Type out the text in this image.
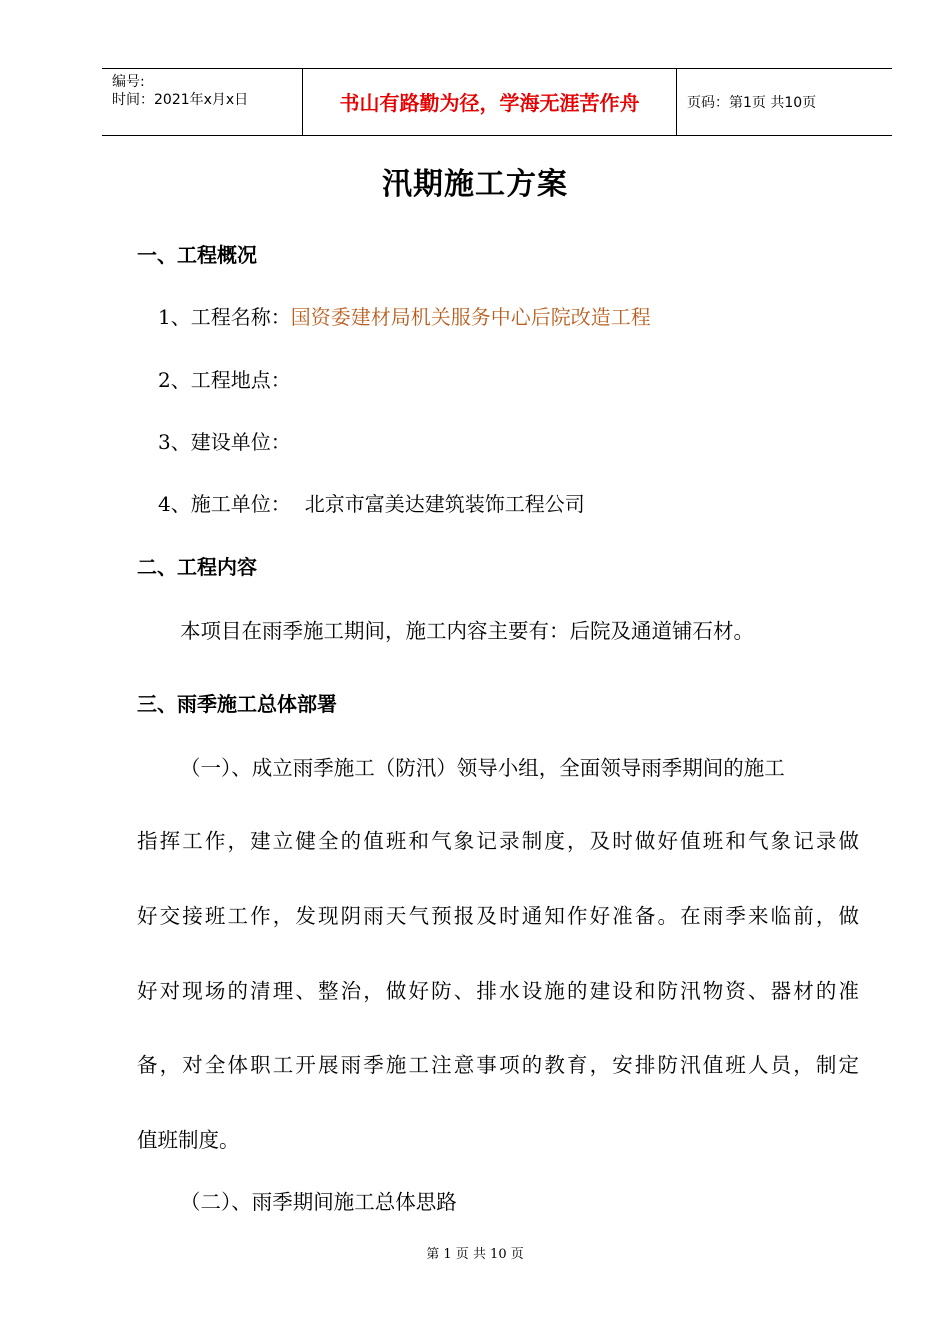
编号:
时间：2021年x月x日	书山有路勤为径，学海无涯苦作舟	页码：第1页 共10页
汛期施工方案
一、工程概况
1、工程名称：国资委建材局机关服务中心后院改造工程
2、工程地点：
3、建设单位：
4、施工单位： 北京市富美达建筑装饰工程公司
二、工程内容
本项目在雨季施工期间，施工内容主要有：后院及通道铺石材。
三、雨季施工总体部署
（一）、成立雨季施工（防汛）领导小组，全面领导雨季期间的施工
指挥工作，建立健全的值班和气象记录制度，及时做好值班和气象记录做
好交接班工作，发现阴雨天气预报及时通知作好准备。在雨季来临前，做
好对现场的清理、整治，做好防、排水设施的建设和防汛物资、器材的准
备，对全体职工开展雨季施工注意事项的教育，安排防汛值班人员，制定
值班制度。
（二）、雨季期间施工总体思路
第 1 页 共 10 页
